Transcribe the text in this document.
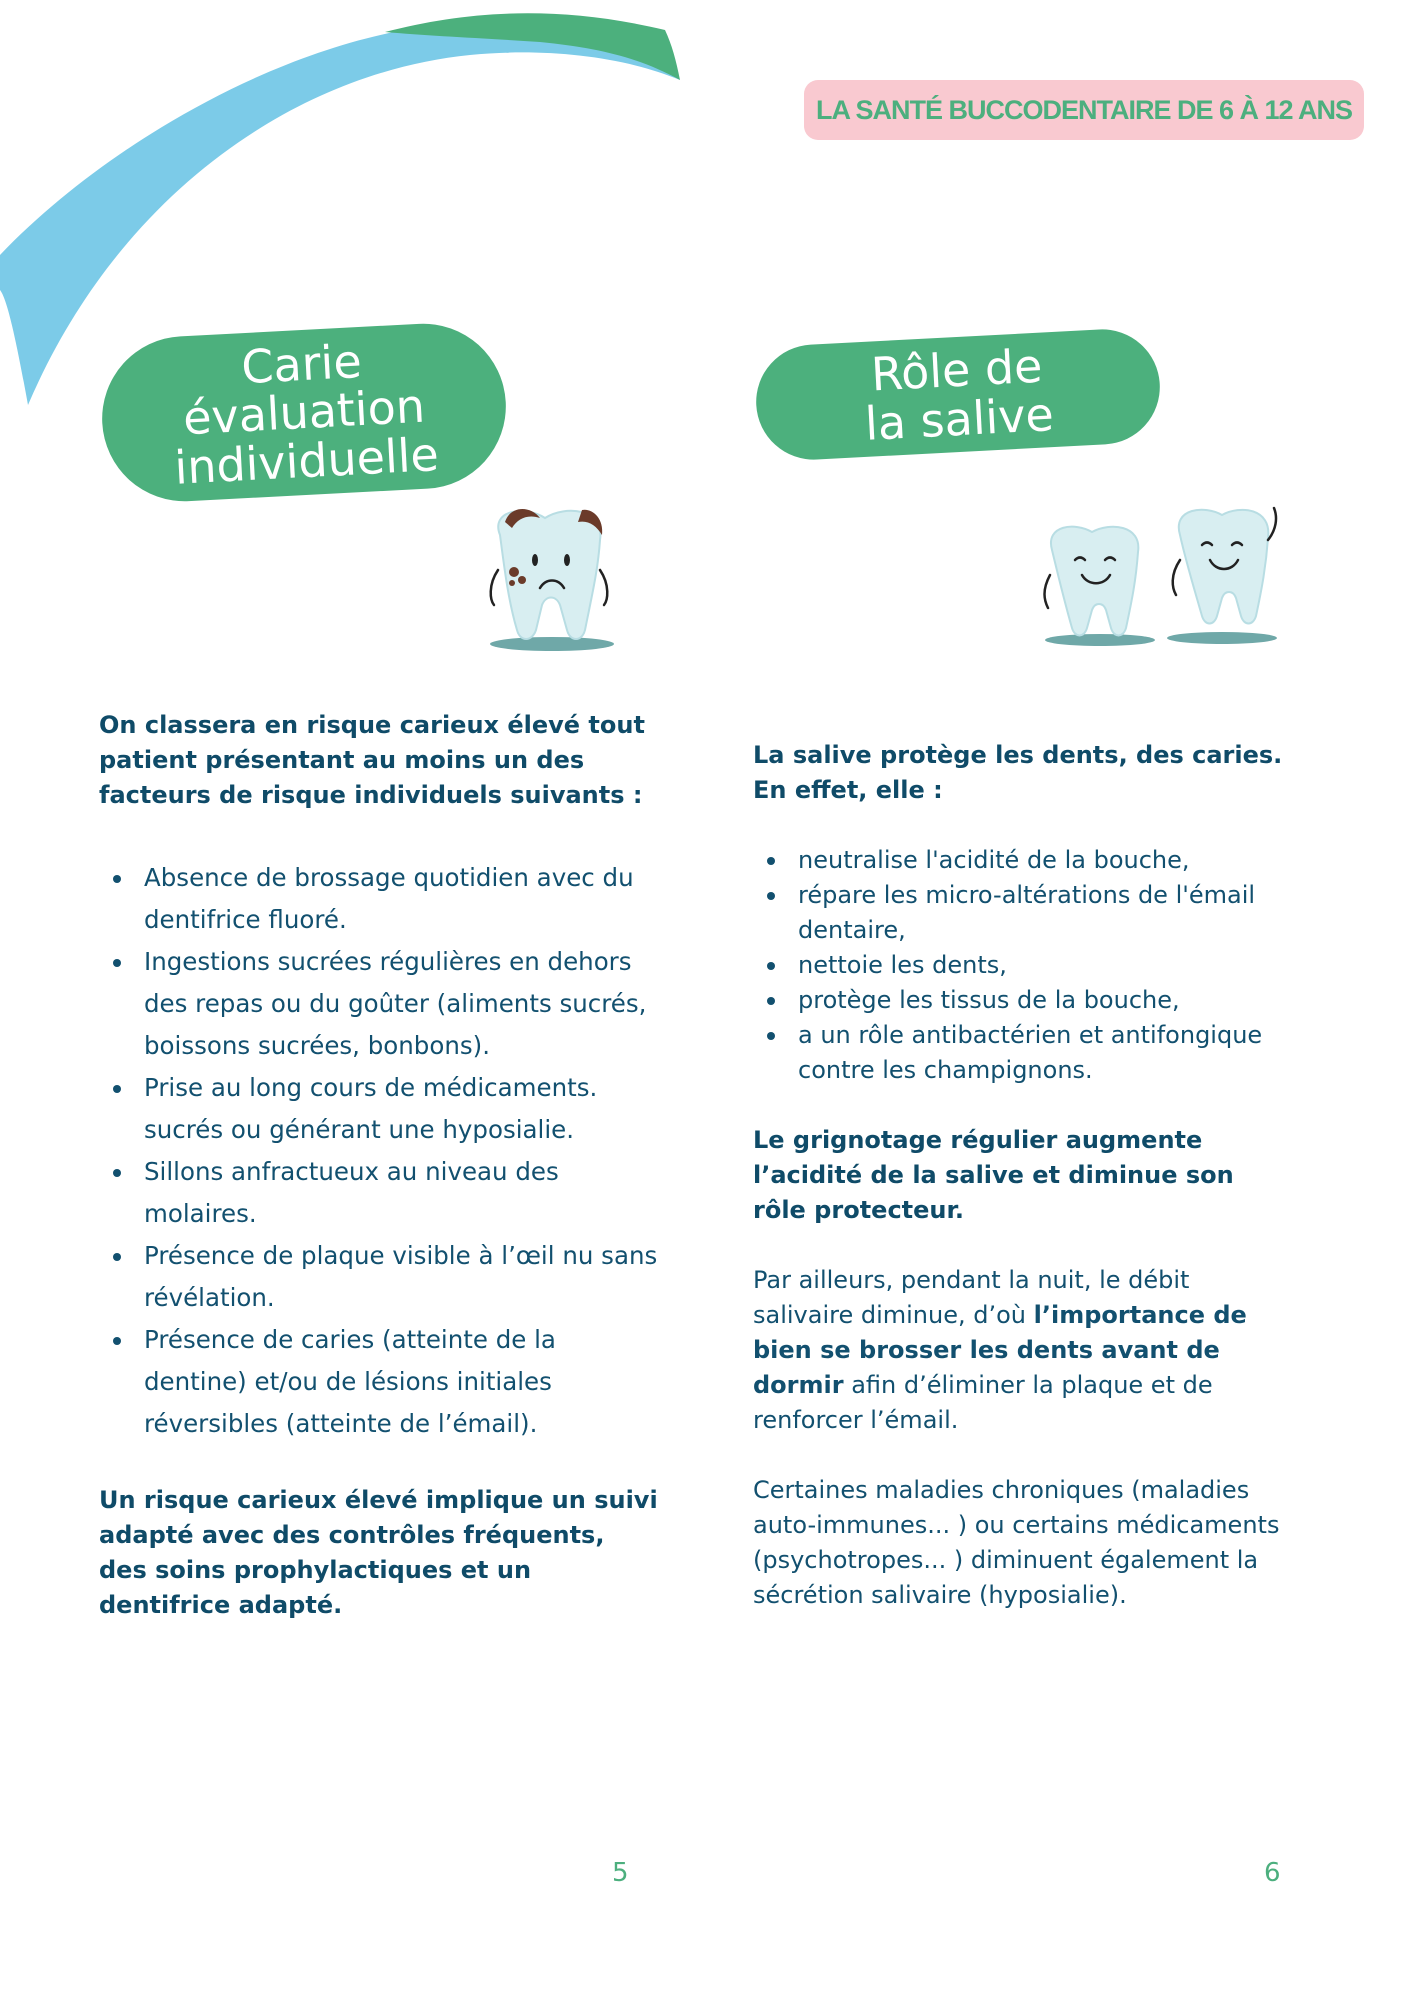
LA SANTÉ BUCCODENTAIRE DE 6 À 12 ANS
Carie
évaluation
individuelle

On classera en risque carieux élevé tout patient présentant au moins un des facteurs de risque individuels suivants :

Absence de brossage quotidien avec du dentifrice fluoré.
Ingestions sucrées régulières en dehors des repas ou du goûter (aliments sucrés, boissons sucrées, bonbons).
Prise au long cours de médicaments. sucrés ou générant une hyposialie.
Sillons anfractueux au niveau des molaires.
Présence de plaque visible à l’œil nu sans révélation.
Présence de caries (atteinte de la dentine) et/ou de lésions initiales réversibles (atteinte de l’émail).

Un risque carieux élevé implique un suivi adapté avec des contrôles fréquents, des soins prophylactiques et un dentifrice adapté.

5
Rôle de
la salive

La salive protège les dents, des caries. En effet, elle :

neutralise l'acidité de la bouche,
répare les micro-altérations de l'émail dentaire,
nettoie les dents,
protège les tissus de la bouche,
a un rôle antibactérien et antifongique contre les champignons.

Le grignotage régulier augmente l’acidité de la salive et diminue son rôle protecteur.

Par ailleurs, pendant la nuit, le débit salivaire diminue, d’où l’importance de bien se brosser les dents avant de dormir afin d’éliminer la plaque et de renforcer l’émail.

Certaines maladies chroniques (maladies auto-immunes... ) ou certains médicaments (psychotropes... ) diminuent également la sécrétion salivaire (hyposialie).

6
